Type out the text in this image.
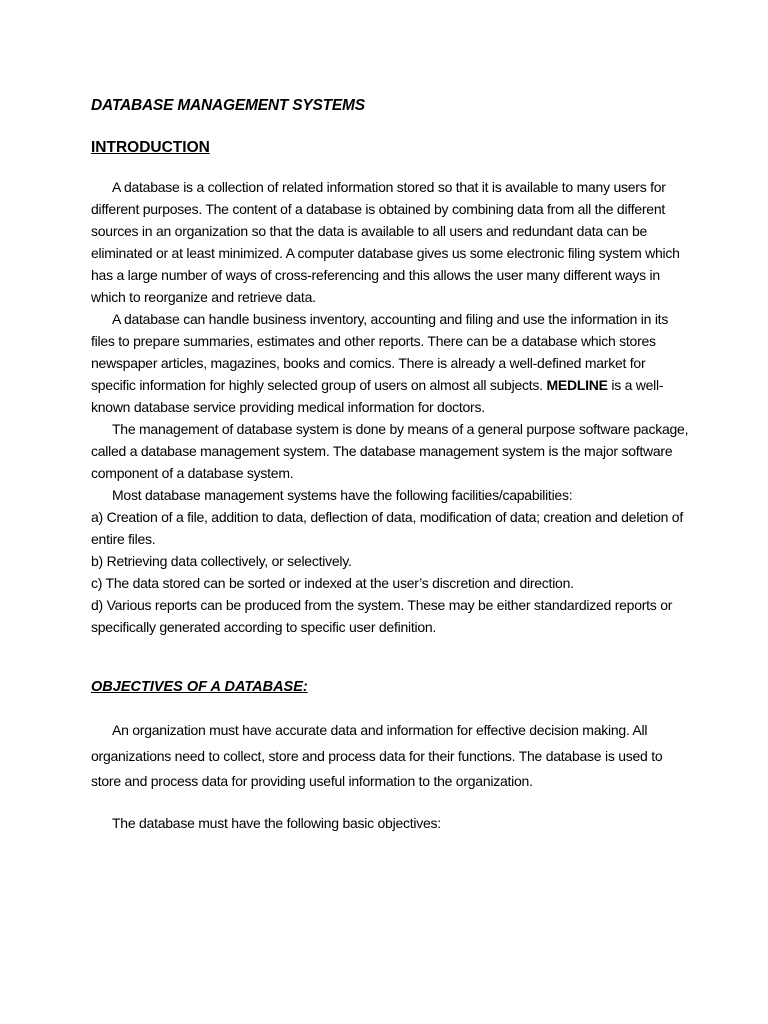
DATABASE MANAGEMENT SYSTEMS
INTRODUCTION

A database is a collection of related information stored so that it is available to many users for different purposes. The content of a database is obtained by combining data from all the different sources in an organization so that the data is available to all users and redundant data can be eliminated or at least minimized. A computer database gives us some electronic filing system which has a large number of ways of cross-referencing and this allows the user many different ways in which to reorganize and retrieve data.

A database can handle business inventory, accounting and filing and use the information in its files to prepare summaries, estimates and other reports. There can be a database which stores newspaper articles, magazines, books and comics. There is already a well-defined market for specific information for highly selected group of users on almost all subjects. MEDLINE is a well-known database service providing medical information for doctors.

The management of database system is done by means of a general purpose software package, called a database management system. The database management system is the major software component of a database system.

Most database management systems have the following facilities/capabilities:

a) Creation of a file, addition to data, deflection of data, modification of data; creation and deletion of entire files.

b) Retrieving data collectively, or selectively.

c) The data stored can be sorted or indexed at the user’s discretion and direction.

d) Various reports can be produced from the system. These may be either standardized reports or specifically generated according to specific user definition.

OBJECTIVES OF A DATABASE:

An organization must have accurate data and information for effective decision making. All organizations need to collect, store and process data for their functions. The database is used to store and process data for providing useful information to the organization.

The database must have the following basic objectives:
